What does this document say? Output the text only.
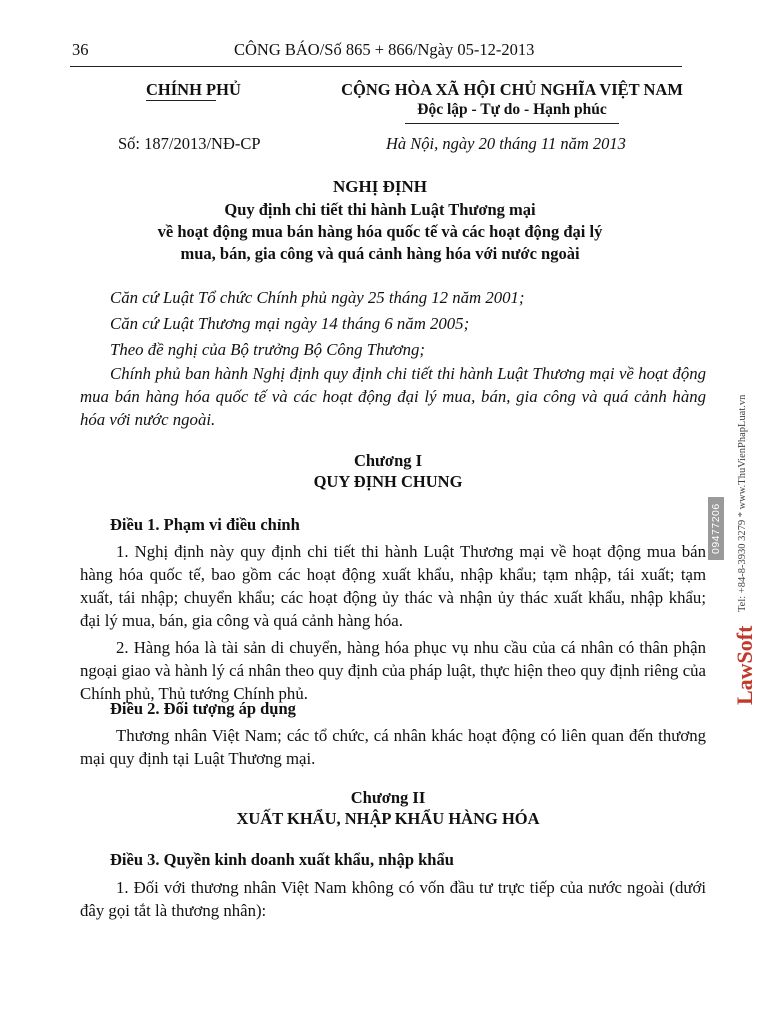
36	CÔNG BÁO/Số 865 + 866/Ngày 05-12-2013
CHÍNH PHỦ	CỘNG HÒA XÃ HỘI CHỦ NGHĨA VIỆT NAM
Độc lập - Tự do - Hạnh phúc
Số: 187/2013/NĐ-CP	Hà Nội, ngày 20 tháng 11 năm 2013
NGHỊ ĐỊNH
Quy định chi tiết thi hành Luật Thương mại
về hoạt động mua bán hàng hóa quốc tế và các hoạt động đại lý
mua, bán, gia công và quá cảnh hàng hóa với nước ngoài

Căn cứ Luật Tổ chức Chính phủ ngày 25 tháng 12 năm 2001;

Căn cứ Luật Thương mại ngày 14 tháng 6 năm 2005;

Theo đề nghị của Bộ trưởng Bộ Công Thương;

Chính phủ ban hành Nghị định quy định chi tiết thi hành Luật Thương mại về hoạt động mua bán hàng hóa quốc tế và các hoạt động đại lý mua, bán, gia công và quá cảnh hàng hóa với nước ngoài.

Chương I
QUY ĐỊNH CHUNG
Điều 1. Phạm vi điều chỉnh

1. Nghị định này quy định chi tiết thi hành Luật Thương mại về hoạt động mua bán hàng hóa quốc tế, bao gồm các hoạt động xuất khẩu, nhập khẩu; tạm nhập, tái xuất; tạm xuất, tái nhập; chuyển khẩu; các hoạt động ủy thác và nhận ủy thác xuất khẩu, nhập khẩu; đại lý mua, bán, gia công và quá cảnh hàng hóa.

2. Hàng hóa là tài sản di chuyển, hàng hóa phục vụ nhu cầu của cá nhân có thân phận ngoại giao và hành lý cá nhân theo quy định của pháp luật, thực hiện theo quy định riêng của Chính phủ, Thủ tướng Chính phủ.

Điều 2. Đối tượng áp dụng

Thương nhân Việt Nam; các tổ chức, cá nhân khác hoạt động có liên quan đến thương mại quy định tại Luật Thương mại.

Chương II
XUẤT KHẨU, NHẬP KHẨU HÀNG HÓA
Điều 3. Quyền kinh doanh xuất khẩu, nhập khẩu

1. Đối với thương nhân Việt Nam không có vốn đầu tư trực tiếp của nước ngoài (dưới đây gọi tắt là thương nhân):

LawSoft
Tel: +84-8-3930 3279 * www.ThuVienPhapLuat.vn
09477206
